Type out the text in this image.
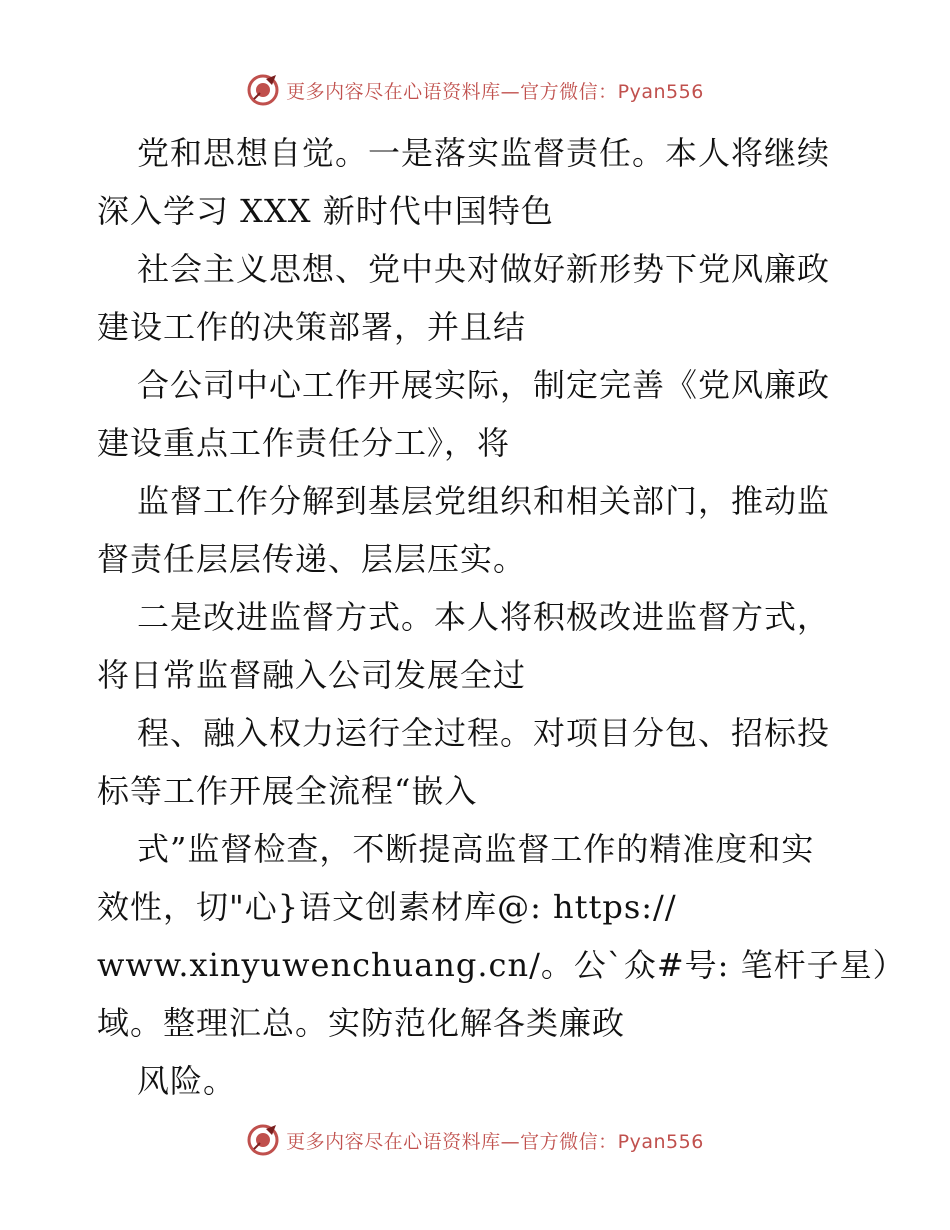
更多内容尽在心语资料库—官方微信：Pyan556
党和思想自觉。一是落实监督责任。本人将继续
深入学习 XXX 新时代中国特色
社会主义思想、党中央对做好新形势下党风廉政
建设工作的决策部署，并且结
合公司中心工作开展实际，制定完善《党风廉政
建设重点工作责任分工》，将
监督工作分解到基层党组织和相关部门，推动监
督责任层层传递、层层压实。
二是改进监督方式。本人将积极改进监督方式，
将日常监督融入公司发展全过
程、融入权力运行全过程。对项目分包、招标投
标等工作开展全流程“嵌入
式”监督检查，不断提高监督工作的精准度和实
效性，切"心}语文创素材库@: https://
www.xinyuwenchuang.cn/。公`众#号: 笔杆子星）
域。整理汇总。实防范化解各类廉政
风险。
更多内容尽在心语资料库—官方微信：Pyan556
